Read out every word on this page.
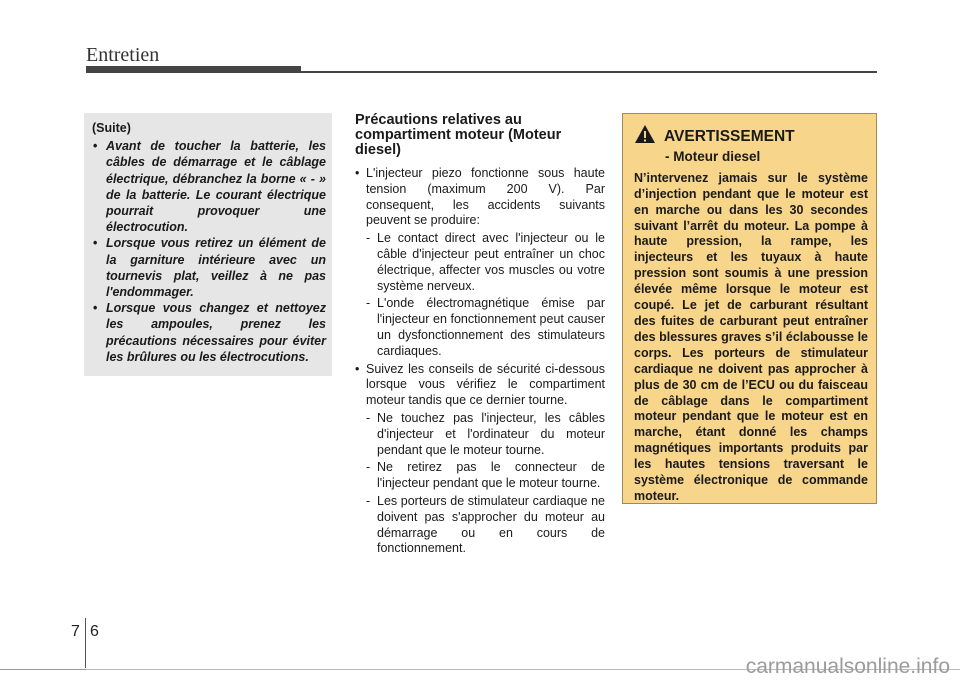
Entretien
(Suite)
• Avant de toucher la batterie, les câbles de démarrage et le câblage électrique, débranchez la borne « - » de la batterie. Le courant électrique pourrait provoquer une électrocution.
• Lorsque vous retirez un élément de la garniture intérieure avec un tournevis plat, veillez à ne pas l'endommager.
• Lorsque vous changez et nettoyez les ampoules, prenez les précautions nécessaires pour éviter les brûlures ou les électrocutions.
Précautions relatives au compartiment moteur (Moteur diesel)
• L'injecteur piezo fonctionne sous haute tension (maximum 200 V). Par consequent, les accidents suivants peuvent se produire:
- Le contact direct avec l'injecteur ou le câble d'injecteur peut entraîner un choc électrique, affecter vos muscles ou votre système nerveux.
- L'onde électromagnétique émise par l'injecteur en fonctionnement peut causer un dysfonctionnement des stimulateurs cardiaques.
• Suivez les conseils de sécurité ci-dessous lorsque vous vérifiez le compartiment moteur tandis que ce dernier tourne.
- Ne touchez pas l'injecteur, les câbles d'injecteur et l'ordinateur du moteur pendant que le moteur tourne.
- Ne retirez pas le connecteur de l'injecteur pendant que le moteur tourne.
- Les porteurs de stimulateur cardiaque ne doivent pas s'approcher du moteur au démarrage ou en cours de fonctionnement.
AVERTISSEMENT
- Moteur diesel
N’intervenez jamais sur le système d’injection pendant que le moteur est en marche ou dans les 30 secondes suivant l’arrêt du moteur. La pompe à haute pression, la rampe, les injecteurs et les tuyaux à haute pression sont soumis à une pression élevée même lorsque le moteur est coupé. Le jet de carburant résultant des fuites de carburant peut entraîner des blessures graves s’il éclabousse le corps. Les porteurs de stimulateur cardiaque ne doivent pas approcher à plus de 30 cm de l’ECU ou du faisceau de câblage dans le compartiment moteur pendant que le moteur est en marche, étant donné les champs magnétiques importants produits par les hautes tensions traversant le système électronique de commande moteur.
7 6
carmanualsonline.info
